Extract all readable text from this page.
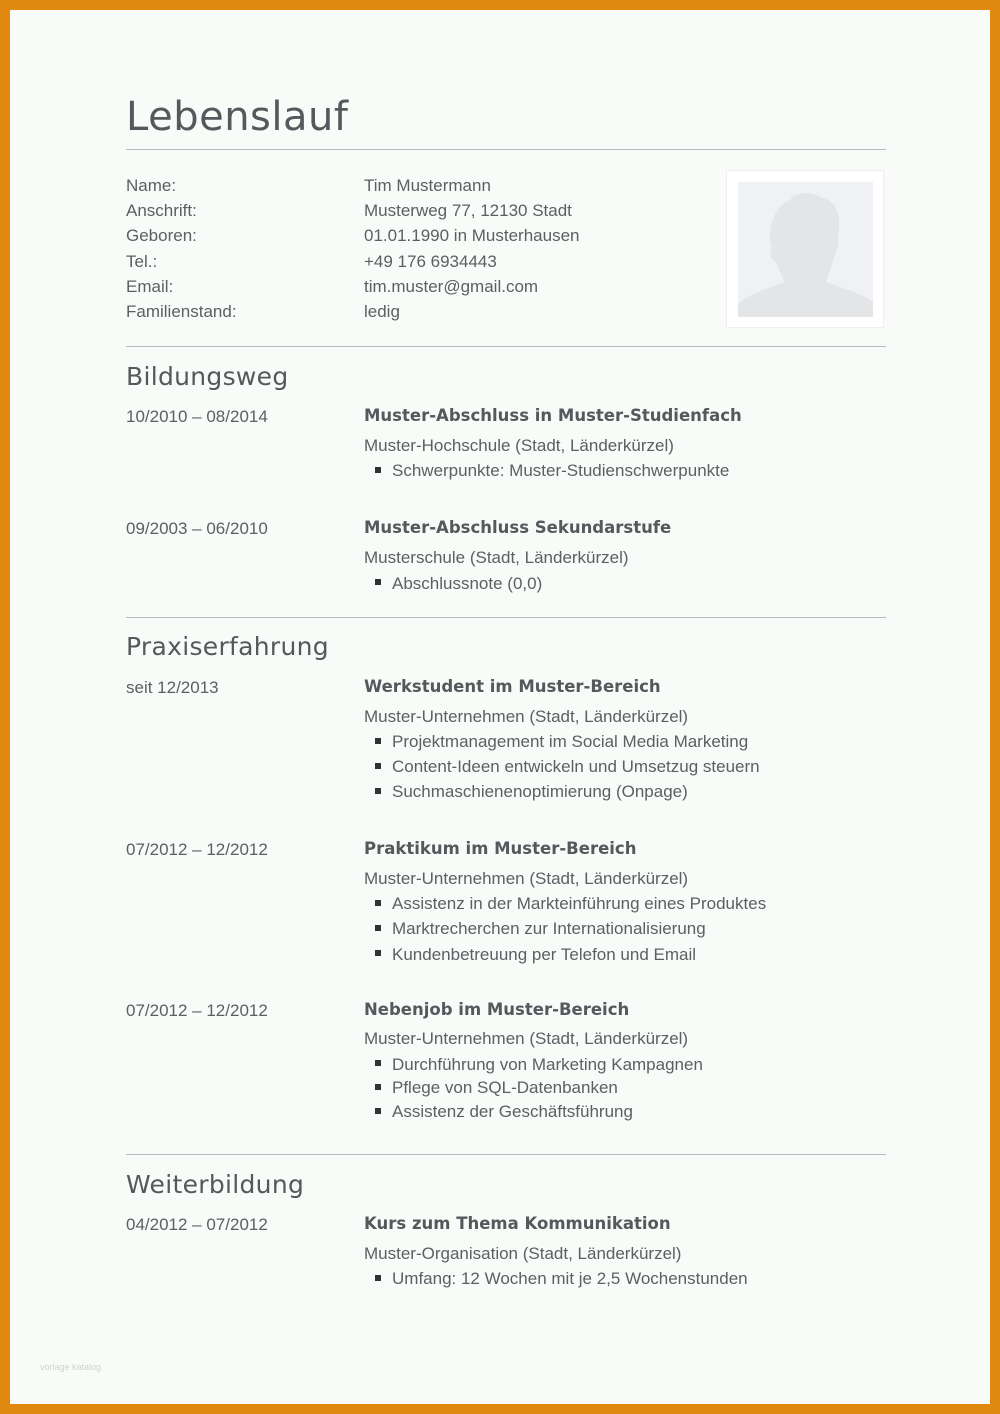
Lebenslauf
Name:	Tim Mustermann
Anschrift:	Musterweg 77, 12130 Stadt
Geboren:	01.01.1990 in Musterhausen
Tel.:	+49 176 6934443
Email:	tim.muster@gmail.com
Familienstand:	ledig
Bildungsweg
10/2010 – 08/2014	Muster-Abschluss in Muster-Studienfach
Muster-Hochschule (Stadt, Länderkürzel)
Schwerpunkte: Muster-Studienschwerpunkte
09/2003 – 06/2010	Muster-Abschluss Sekundarstufe
Musterschule (Stadt, Länderkürzel)
Abschlussnote (0,0)
Praxiserfahrung
seit 12/2013	Werkstudent im Muster-Bereich
Muster-Unternehmen (Stadt, Länderkürzel)
Projektmanagement im Social Media Marketing
Content-Ideen entwickeln und Umsetzug steuern
Suchmaschienenoptimierung (Onpage)
07/2012 – 12/2012	Praktikum im Muster-Bereich
Muster-Unternehmen (Stadt, Länderkürzel)
Assistenz in der Markteinführung eines Produktes
Marktrecherchen zur Internationalisierung
Kundenbetreuung per Telefon und Email
07/2012 – 12/2012	Nebenjob im Muster-Bereich
Muster-Unternehmen (Stadt, Länderkürzel)
Durchführung von Marketing Kampagnen
Pflege von SQL-Datenbanken
Assistenz der Geschäftsführung
Weiterbildung
04/2012 – 07/2012	Kurs zum Thema Kommunikation
Muster-Organisation (Stadt, Länderkürzel)
Umfang: 12 Wochen mit je 2,5 Wochenstunden
vorlage katalog
